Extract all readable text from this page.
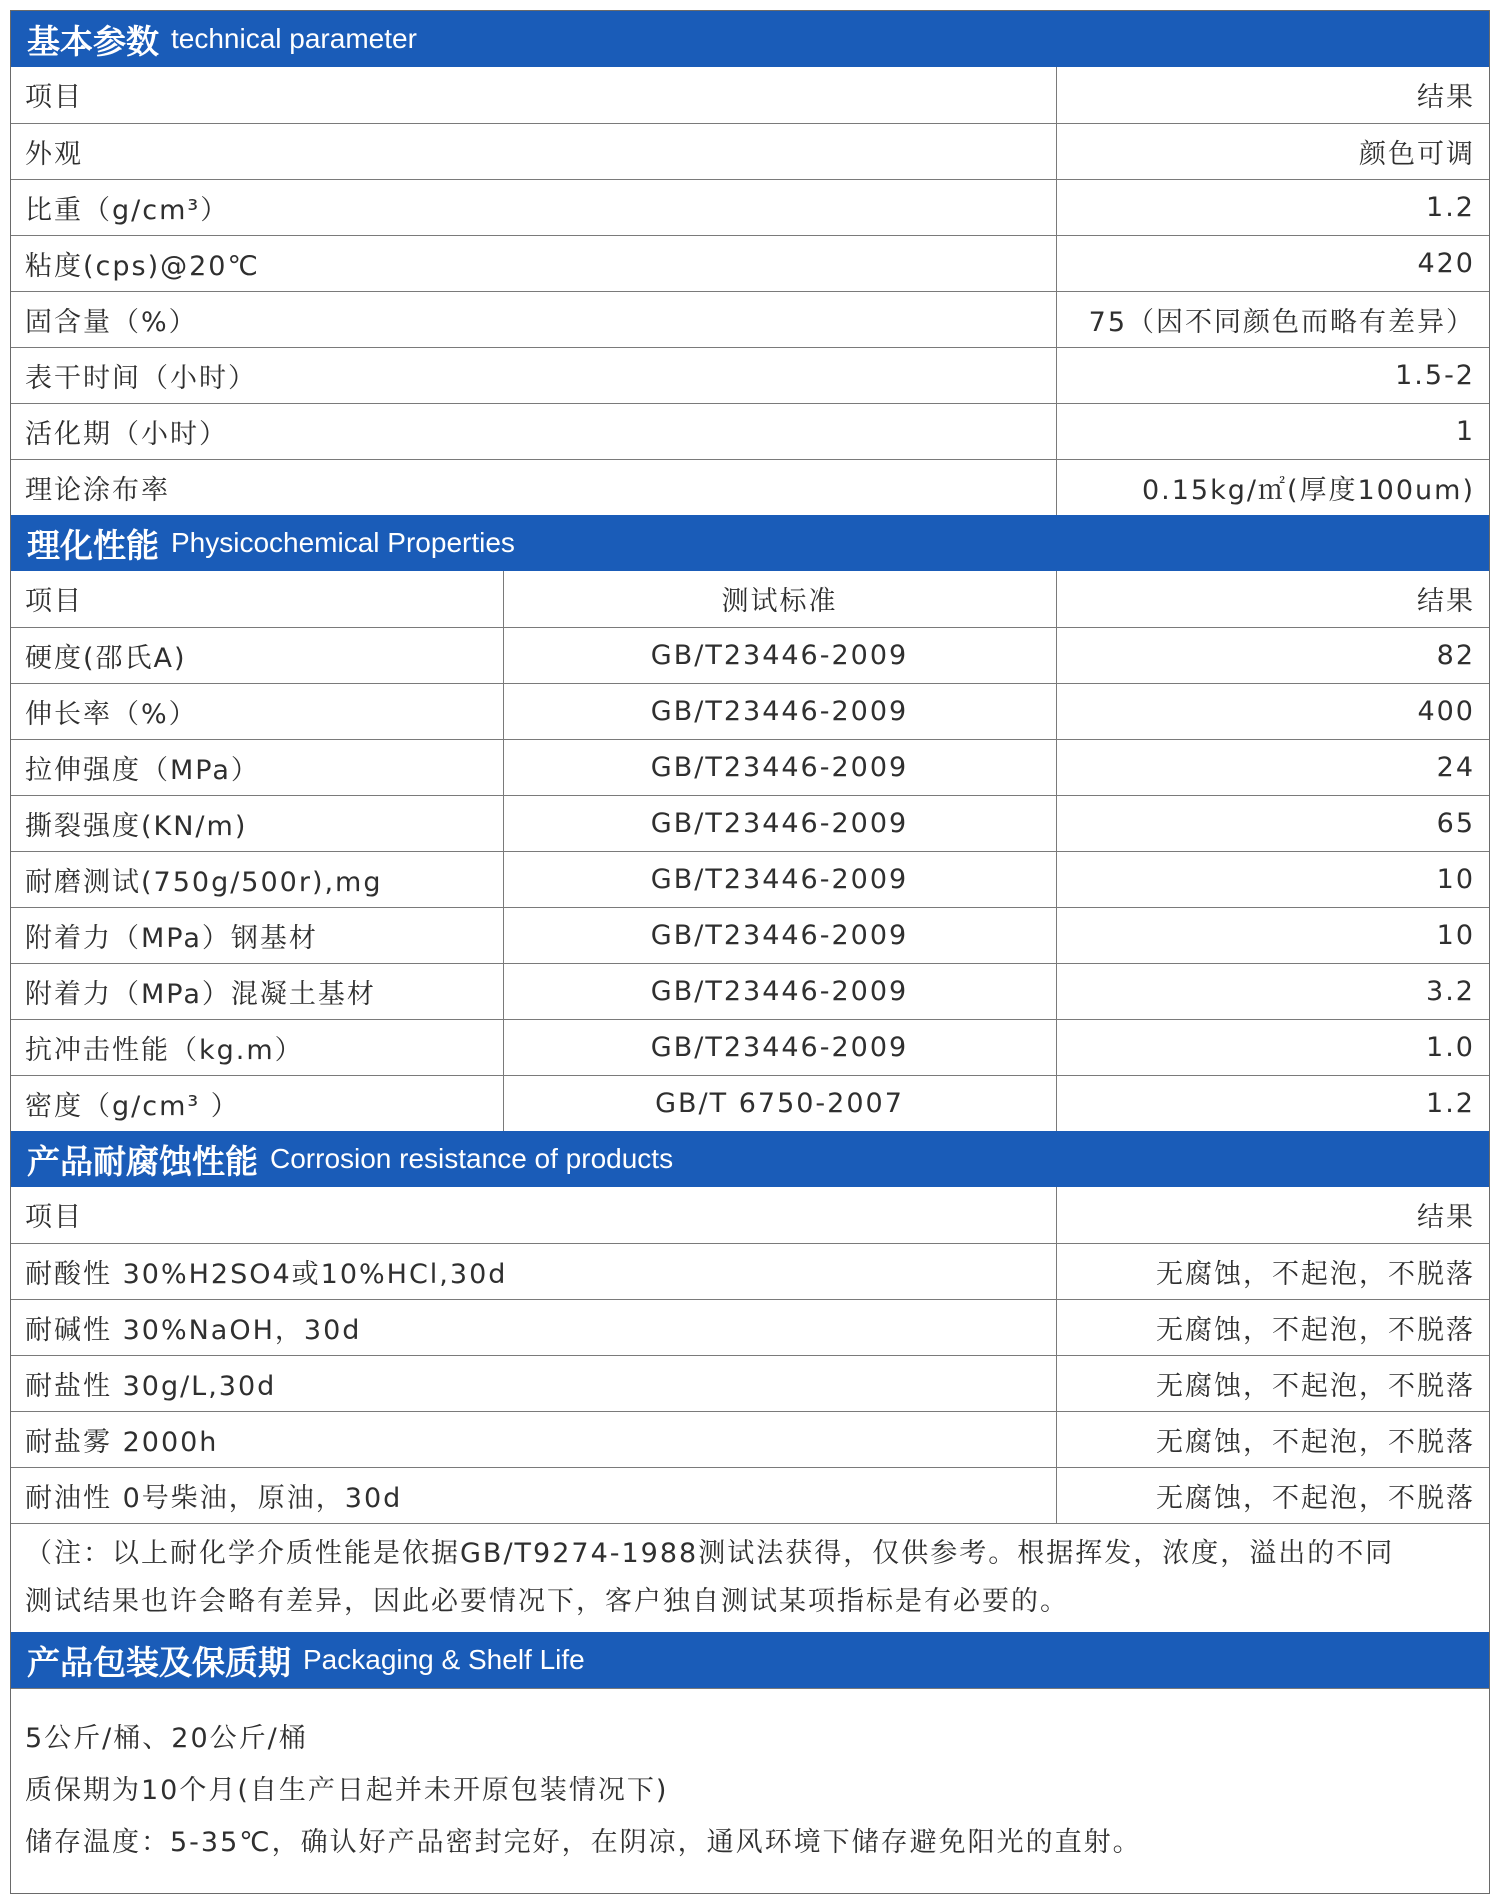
基本参数 technical parameter
项目	结果
外观	颜色可调
比重（g/cm³）	1.2
粘度(cps)@20℃	420
固含量（%）	75（因不同颜色而略有差异）
表干时间（小时）	1.5-2
活化期（小时）	1
理论涂布率	0.15kg/㎡(厚度100um)
理化性能 Physicochemical Properties
项目	测试标准	结果
硬度(邵氏A)	GB/T23446-2009	82
伸长率（%）	GB/T23446-2009	400
拉伸强度（MPa）	GB/T23446-2009	24
撕裂强度(KN/m)	GB/T23446-2009	65
耐磨测试(750g/500r),mg	GB/T23446-2009	10
附着力（MPa）钢基材	GB/T23446-2009	10
附着力（MPa）混凝土基材	GB/T23446-2009	3.2
抗冲击性能（kg.m）	GB/T23446-2009	1.0
密度（g/cm³ ）	GB/T 6750-2007	1.2
产品耐腐蚀性能 Corrosion resistance of products
项目	结果
耐酸性 30%H2SO4或10%HCl,30d	无腐蚀，不起泡，不脱落
耐碱性 30%NaOH，30d	无腐蚀，不起泡，不脱落
耐盐性 30g/L,30d	无腐蚀，不起泡，不脱落
耐盐雾 2000h	无腐蚀，不起泡，不脱落
耐油性 0号柴油，原油，30d	无腐蚀，不起泡，不脱落
（注：以上耐化学介质性能是依据GB/T9274-1988测试法获得，仅供参考。根据挥发，浓度，溢出的不同
测试结果也许会略有差异，因此必要情况下，客户独自测试某项指标是有必要的。
产品包装及保质期 Packaging & Shelf Life
5公斤/桶、20公斤/桶
质保期为10个月(自生产日起并未开原包装情况下)
储存温度：5-35℃，确认好产品密封完好，在阴凉，通风环境下储存避免阳光的直射。
